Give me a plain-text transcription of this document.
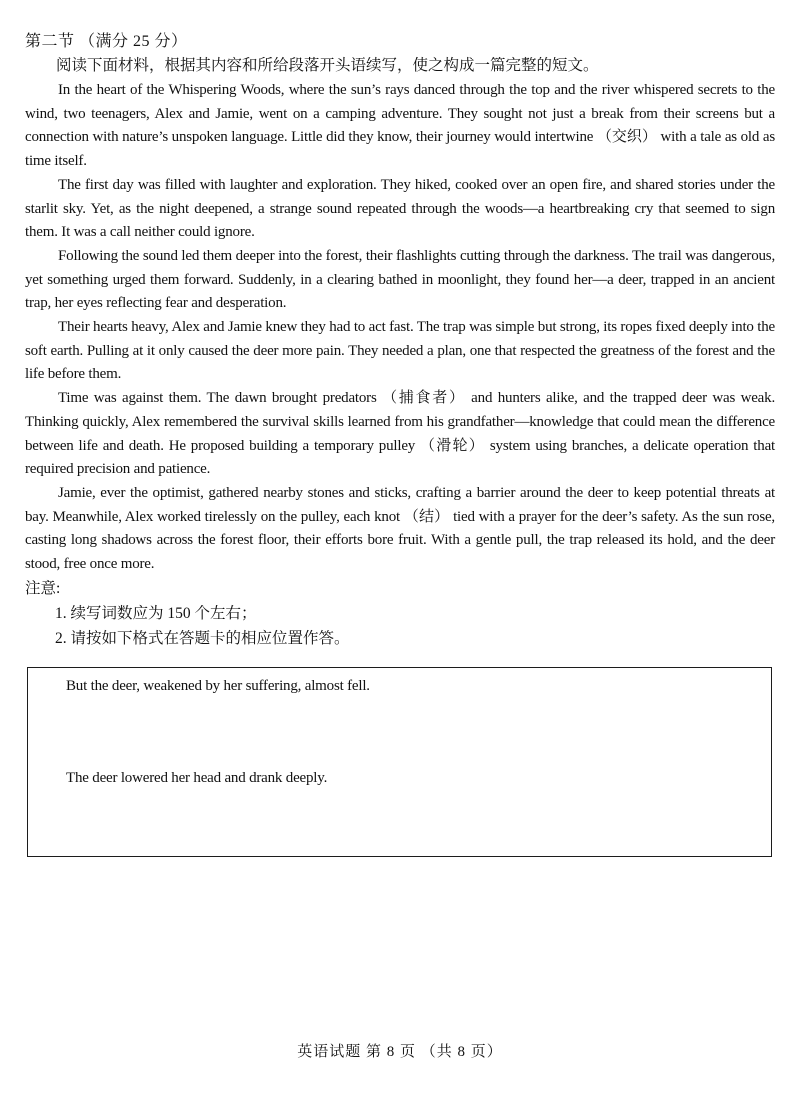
第二节 （满分 25 分）

阅读下面材料，根据其内容和所给段落开头语续写，使之构成一篇完整的短文。

In the heart of the Whispering Woods, where the sun’s rays danced through the top and the river whispered secrets to the wind, two teenagers, Alex and Jamie, went on a camping adventure. They sought not just a break from their screens but a connection with nature’s unspoken language. Little did they know, their journey would intertwine （交织） with a tale as old as time itself.

The first day was filled with laughter and exploration. They hiked, cooked over an open fire, and shared stories under the starlit sky. Yet, as the night deepened, a strange sound repeated through the woods—a heartbreaking cry that seemed to sign them. It was a call neither could ignore.

Following the sound led them deeper into the forest, their flashlights cutting through the darkness. The trail was dangerous, yet something urged them forward. Suddenly, in a clearing bathed in moonlight, they found her—a deer, trapped in an ancient trap, her eyes reflecting fear and desperation.

Their hearts heavy, Alex and Jamie knew they had to act fast. The trap was simple but strong, its ropes fixed deeply into the soft earth. Pulling at it only caused the deer more pain. They needed a plan, one that respected the greatness of the forest and the life before them.

Time was against them. The dawn brought predators （捕食者） and hunters alike, and the trapped deer was weak. Thinking quickly, Alex remembered the survival skills learned from his grandfather—knowledge that could mean the difference between life and death. He proposed building a temporary pulley （滑轮） system using branches, a delicate operation that required precision and patience.

Jamie, ever the optimist, gathered nearby stones and sticks, crafting a barrier around the deer to keep potential threats at bay. Meanwhile, Alex worked tirelessly on the pulley, each knot （结） tied with a prayer for the deer’s safety. As the sun rose, casting long shadows across the forest floor, their efforts bore fruit. With a gentle pull, the trap released its hold, and the deer stood, free once more.

注意:

1. 续写词数应为 150 个左右；

2. 请按如下格式在答题卡的相应位置作答。

But the deer, weakened by her suffering, almost fell.
The deer lowered her head and drank deeply.
英语试题 第 8 页 （共 8 页）
